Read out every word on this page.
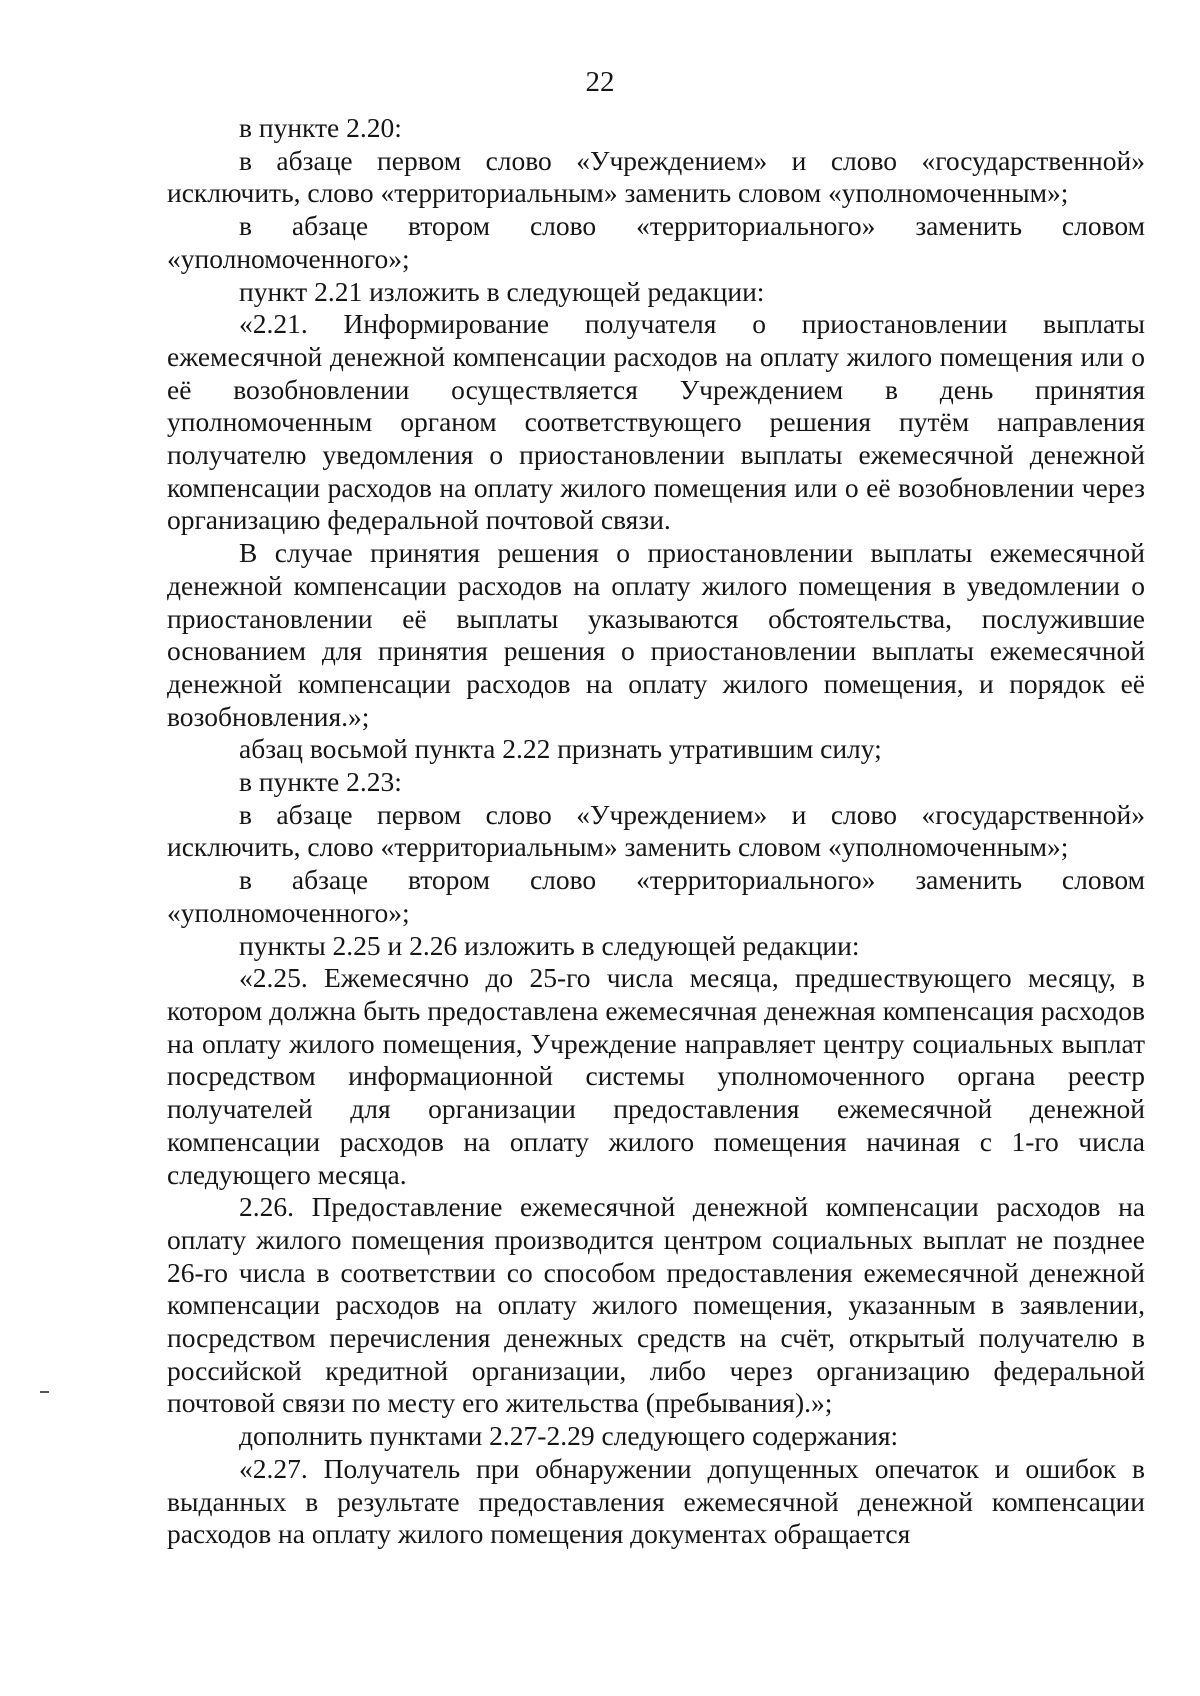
22

в пункте 2.20:

в абзаце первом слово «Учреждением» и слово «государственной» исключить, слово «территориальным» заменить словом «уполномоченным»;

в абзаце втором слово «территориального» заменить словом «уполномоченного»;

пункт 2.21 изложить в следующей редакции:

«2.21. Информирование получателя о приостановлении выплаты ежемесячной денежной компенсации расходов на оплату жилого помещения или о её возобновлении осуществляется Учреждением в день принятия уполномоченным органом соответствующего решения путём направления получателю уведомления о приостановлении выплаты ежемесячной денежной компенсации расходов на оплату жилого помещения или о её возобновлении через организацию федеральной почтовой связи.

В случае принятия решения о приостановлении выплаты ежемесячной денежной компенсации расходов на оплату жилого помещения в уведомлении о приостановлении её выплаты указываются обстоятельства, послужившие основанием для принятия решения о приостановлении выплаты ежемесячной денежной компенсации расходов на оплату жилого помещения, и порядок её возобновления.»;

абзац восьмой пункта 2.22 признать утратившим силу;

в пункте 2.23:

в абзаце первом слово «Учреждением» и слово «государственной» исключить, слово «территориальным» заменить словом «уполномоченным»;

в абзаце втором слово «территориального» заменить словом «уполномоченного»;

пункты 2.25 и 2.26 изложить в следующей редакции:

«2.25. Ежемесячно до 25-го числа месяца, предшествующего месяцу, в котором должна быть предоставлена ежемесячная денежная компенсация расходов на оплату жилого помещения, Учреждение направляет центру социальных выплат посредством информационной системы уполномоченного органа реестр получателей для организации предоставления ежемесячной денежной компенсации расходов на оплату жилого помещения начиная с 1-го числа следующего месяца.

2.26. Предоставление ежемесячной денежной компенсации расходов на оплату жилого помещения производится центром социальных выплат не позднее 26-го числа в соответствии со способом предоставления ежемесячной денежной компенсации расходов на оплату жилого помещения, указанным в заявлении, посредством перечисления денежных средств на счёт, открытый получателю в российской кредитной организации, либо через организацию федеральной почтовой связи по месту его жительства (пребывания).»;

дополнить пунктами 2.27-2.29 следующего содержания:

«2.27. Получатель при обнаружении допущенных опечаток и ошибок в выданных в результате предоставления ежемесячной денежной компенсации расходов на оплату жилого помещения документах обращается
